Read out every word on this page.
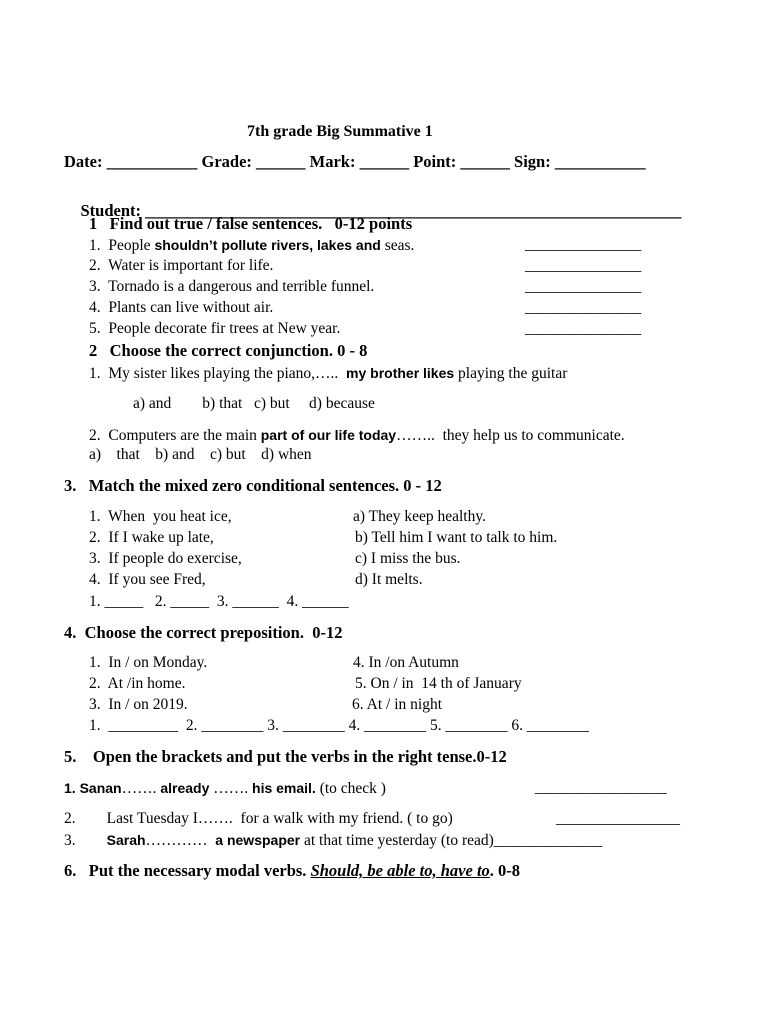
7th grade Big Summative 1
Date: ___________ Grade: ______ Mark: ______ Point: ______ Sign: ___________

Student: _________________________________________________________________

1   Find out true / false sentences.   0-12 points
1. People shouldn’t pollute rivers, lakes and seas.
2. Water is important for life.
3. Tornado is a dangerous and terrible funnel.
4. Plants can live without air.
5. People decorate fir trees at New year.
_______________
_______________
_______________
_______________
_______________
2   Choose the correct conjunction. 0 - 8
1. My sister likes playing the piano,…..  my brother likes playing the guitar
a) and        b) that   c) but     d) because
2. Computers are the main part of our life today……..  they help us to communicate.
a)    that    b) and    c) but    d) when
3.   Match the mixed zero conditional sentences. 0 - 12
1. When  you heat ice,
2. If I wake up late,
3. If people do exercise,
4. If you see Fred,
a) They keep healthy.
b) Tell him I want to talk to him.
c) I miss the bus.
d) It melts.
1. _____   2. _____  3. ______  4. ______
4.  Choose the correct preposition.  0-12
1. In / on Monday.
2. At /in home.
3. In / on 2019.
4. In /on Autumn
5. On / in  14 th of January
6. At / in night
1.  _________  2. ________ 3. ________ 4. ________ 5. ________ 6. ________
5.    Open the brackets and put the verbs in the right tense.0-12
1. Sanan……. already ……. his email. (to check )	_________________
2. Last Tuesday I…….  for a walk with my friend. ( to go)	________________
3. Sarah…………  a newspaper at that time yesterday (to read)______________
6.   Put the necessary modal verbs. Should, be able to, have to. 0-8
